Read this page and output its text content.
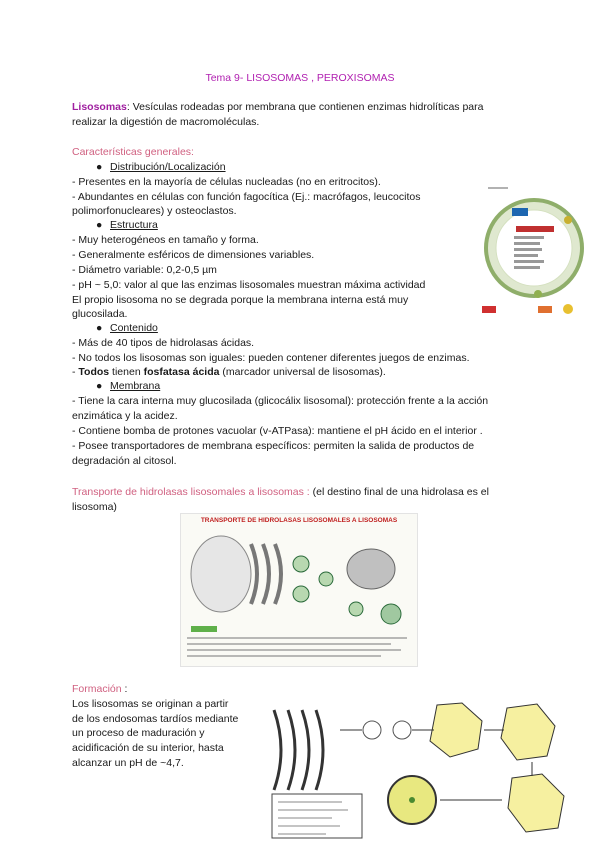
Tema 9- LISOSOMAS , PEROXISOMAS
Lisosomas: Vesículas rodeadas por membrana que contienen enzimas hidrolíticas para
realizar la digestión de macromoléculas.
Características generales:
● Distribución/Localización
- Presentes en la mayoría de células nucleadas (no en eritrocitos).
- Abundantes en células con función fagocítica (Ej.: macrófagos, leucocitos
polimorfonucleares) y osteoclastos.
● Estructura
- Muy heterogéneos en tamaño y forma.
- Generalmente esféricos de dimensiones variables.
- Diámetro variable: 0,2-0,5 µm
- pH ~ 5,0: valor al que las enzimas lisosomales muestran máxima actividad
El propio lisosoma no se degrada porque la membrana interna está muy
glucosilada.
● Contenido
- Más de 40 tipos de hidrolasas ácidas.
- No todos los lisosomas son iguales: pueden contener diferentes juegos de enzimas.
- Todos tienen fosfatasa ácida (marcador universal de lisosomas).
● Membrana
- Tiene la cara interna muy glucosilada (glicocálix lisosomal): protección frente a la acción
enzimática y la acidez.
- Contiene bomba de protones vacuolar (v-ATPasa): mantiene el pH ácido en el interior .
- Posee transportadores de membrana específicos: permiten la salida de productos de
degradación al citosol.
Transporte de hidrolasas lisosomales a lisosomas : (el destino final de una hidrolasa es el
lisosoma)
TRANSPORTE DE HIDROLASAS LISOSOMALES A LISOSOMAS
Formación :
Los lisosomas se originan a partir
de los endosomas tardíos mediante
un proceso de maduración y
acidificación de su interior, hasta
alcanzar un pH de ~4,7.
